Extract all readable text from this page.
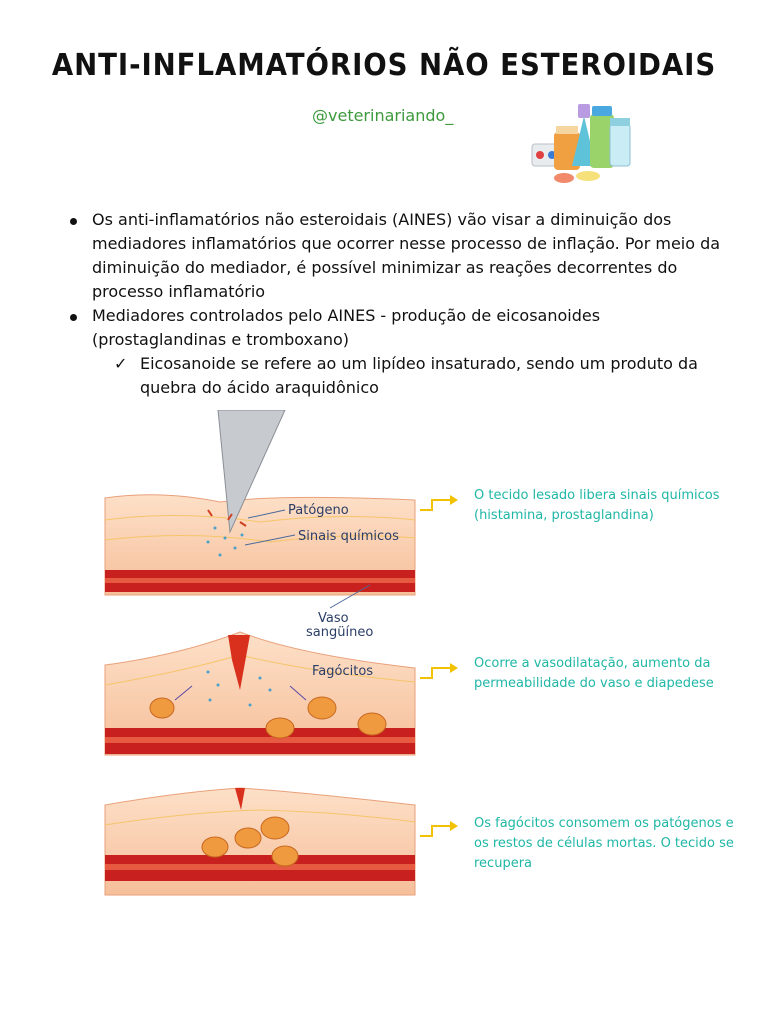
ANTI-INFLAMATÓRIOS NÃO ESTEROIDAIS
@veterinariando_
Os anti-inflamatórios não esteroidais (AINES) vão visar a diminuição dos mediadores inflamatórios que ocorrer nesse processo de inflação. Por meio da diminuição do mediador, é possível minimizar as reações decorrentes do processo inflamatório
Mediadores controlados pelo AINES - produção de eicosanoides (prostaglandinas e tromboxano)
✓ Eicosanoide se refere ao um lipídeo insaturado, sendo um produto da quebra do ácido araquidônico
Patógeno
Sinais químicos
Vaso
sangüíneo
Fagócitos
O tecido lesado libera sinais químicos (histamina, prostaglandina)
Ocorre a vasodilatação, aumento da permeabilidade do vaso e diapedese
Os fagócitos consomem os patógenos e os restos de células mortas. O tecido se recupera
